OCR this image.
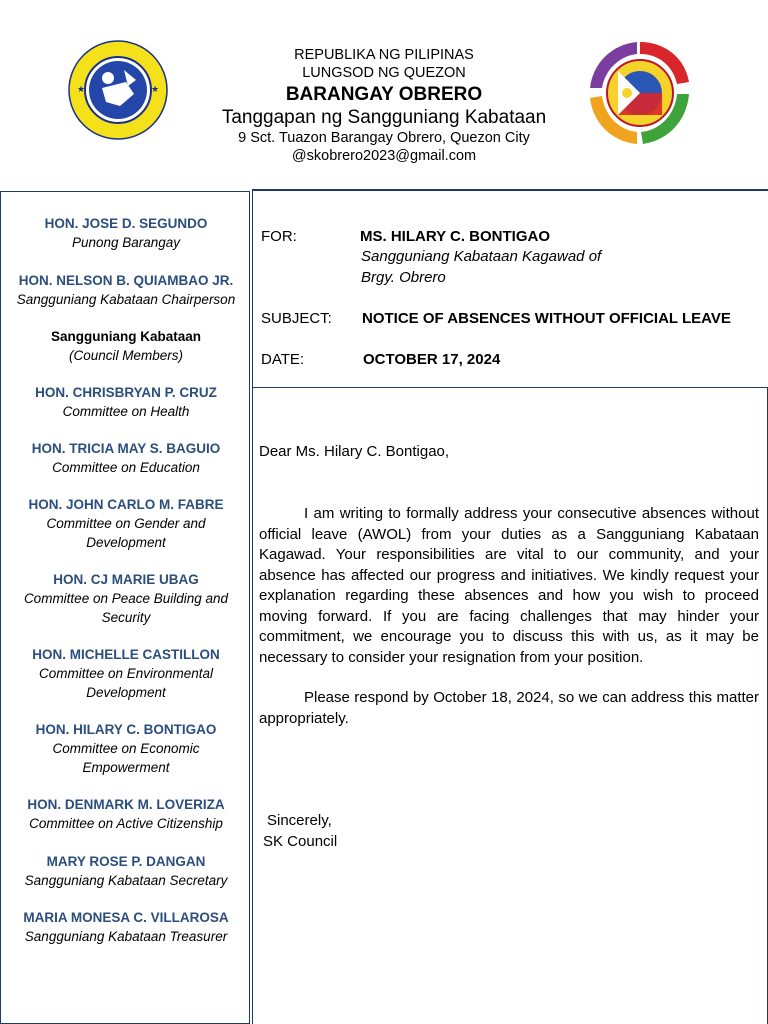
★	★
REPUBLIKA NG PILIPINAS
LUNGSOD NG QUEZON
BARANGAY OBRERO
Tanggapan ng Sangguniang Kabataan
9 Sct. Tuazon Barangay Obrero, Quezon City
@skobrero2023@gmail.com
HON. JOSE D. SEGUNDO
Punong Barangay
HON. NELSON B. QUIAMBAO JR.
Sangguniang Kabataan Chairperson
Sangguniang Kabataan
(Council Members)
HON. CHRISBRYAN P. CRUZ
Committee on Health
HON. TRICIA MAY S. BAGUIO
Committee on Education
HON. JOHN CARLO M. FABRE
Committee on Gender and Development
HON. CJ MARIE UBAG
Committee on Peace Building and Security
HON. MICHELLE CASTILLON
Committee on Environmental Development
HON. HILARY C. BONTIGAO
Committee on Economic Empowerment
HON. DENMARK M. LOVERIZA
Committee on Active Citizenship
MARY ROSE P. DANGAN
Sangguniang Kabataan Secretary
MARIA MONESA C. VILLAROSA
Sangguniang Kabataan Treasurer
FOR:	MS. HILARY C. BONTIGAO
Sangguniang Kabataan Kagawad of
Brgy. Obrero
SUBJECT: NOTICE OF ABSENCES WITHOUT OFFICIAL LEAVE
DATE:	OCTOBER 17, 2024
Dear Ms. Hilary C. Bontigao,
I am writing to formally address your consecutive absences without official leave (AWOL) from your duties as a Sangguniang Kabataan Kagawad. Your responsibilities are vital to our community, and your absence has affected our progress and initiatives. We kindly request your explanation regarding these absences and how you wish to proceed moving forward. If you are facing challenges that may hinder your commitment, we encourage you to discuss this with us, as it may be necessary to consider your resignation from your position.
Please respond by October 18, 2024, so we can address this matter appropriately.
Sincerely,
SK Council
